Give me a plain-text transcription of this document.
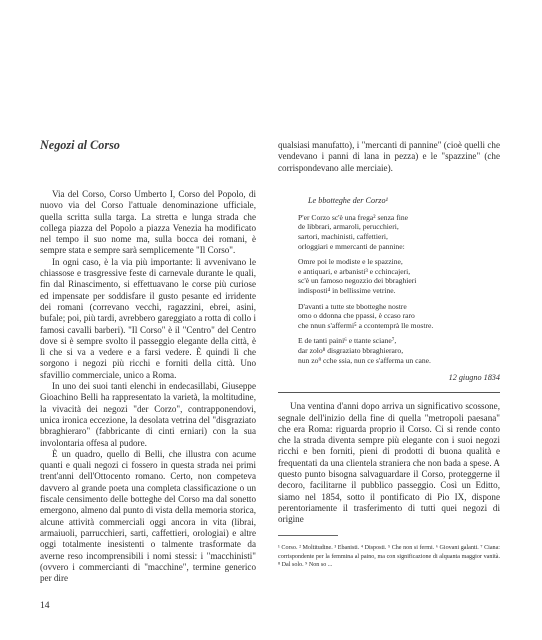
Negozi al Corso

Via del Corso, Corso Umberto I, Corso del Popolo, di nuovo via del Corso l'attuale denominazione ufficiale, quella scritta sulla targa. La stretta e lunga strada che collega piazza del Popolo a piazza Venezia ha modificato nel tempo il suo nome ma, sulla bocca dei romani, è sempre stata e sempre sarà semplicemente "Il Corso".

In ogni caso, è la via più importante: lì avvenivano le chiassose e trasgressive feste di carnevale durante le quali, fin dal Rinascimento, si effettuavano le corse più curiose ed impensate per soddisfare il gusto pesante ed irridente dei romani (correvano vecchi, ragazzini, ebrei, asini, bufale; poi, più tardi, avrebbero gareggiato a rotta di collo i famosi cavalli barberi). "Il Corso" è il "Centro" del Centro dove si è sempre svolto il passeggio elegante della città, è lì che si va a vedere e a farsi vedere. È quindi lì che sorgono i negozi più ricchi e forniti della città. Uno sfavillio commerciale, unico a Roma.

In uno dei suoi tanti elenchi in endecasillabi, Giuseppe Gioachino Belli ha rappresentato la varietà, la moltitudine, la vivacità dei negozi "der Corzo", contrapponendovi, unica ironica eccezione, la desolata vetrina del "disgraziato bbraghieraro" (fabbricante di cinti erniari) con la sua involontaria offesa al pudore.

È un quadro, quello di Belli, che illustra con acume quanti e quali negozi ci fossero in questa strada nei primi trent'anni dell'Ottocento romano. Certo, non competeva davvero al grande poeta una completa classificazione o un fiscale censimento delle botteghe del Corso ma dal sonetto emergono, almeno dal punto di vista della memoria storica, alcune attività commerciali oggi ancora in vita (librai, armaiuoli, parrucchieri, sarti, caffettieri, orologiai) e altre oggi totalmente inesistenti o talmente trasformate da averne reso incomprensibili i nomi stessi: i "macchinisti" (ovvero i commercianti di "macchine", termine generico per dire

qualsiasi manufatto), i "mercanti di pannine" (cioè quelli che vendevano i panni di lana in pezza) e le "spazzine" (che corrispondevano alle merciaie).

Le bbotteghe der Corzo¹

P'er Corzo sc'è una frega² senza fine
de libbrari, armaroli, perucchieri,
sartori, machinisti, caffettieri,
orloggiari e mmercanti de pannine:
Omre poi le modiste e le spazzine,
e antiquari, e arbanisti³ e cchincajeri,
sc'è un famoso negozzio dei bbraghieri
indisposti⁴ in bellissime vetrine.
D'avanti a tutte ste bbotteghe nostre
omo o ddonna che ppassi, è ccaso raro
che nnun s'affermi⁵ a ccontemprà lle mostre.
E de tanti paini⁶ e ttante sciane⁷,
dar zolo⁸ disgraziato bbraghieraro,
nun zo⁹ cche ssia, nun ce s'afferma un cane.
12 giugno 1834

Una ventina d'anni dopo arriva un significativo scossone, segnale dell'inizio della fine di quella "metropoli paesana" che era Roma: riguarda proprio il Corso. Ci si rende conto che la strada diventa sempre più elegante con i suoi negozi ricchi e ben forniti, pieni di prodotti di buona qualità e frequentati da una clientela straniera che non bada a spese. A questo punto bisogna salvaguardare il Corso, proteggerne il decoro, facilitarne il pubblico passeggio. Così un Editto, siamo nel 1854, sotto il pontificato di Pio IX, dispone perentoriamente il trasferimento di tutti quei negozi di origine

¹ Corso. ² Moltitudine. ³ Ebanisti. ⁴ Disposti. ⁵ Che non si fermi. ⁶ Giovani galanti. ⁷ Ciana: corrispondente per la femmina al paino, ma con significazione di alquanta maggior vanità. ⁸ Dal solo. ⁹ Non so ...

14
